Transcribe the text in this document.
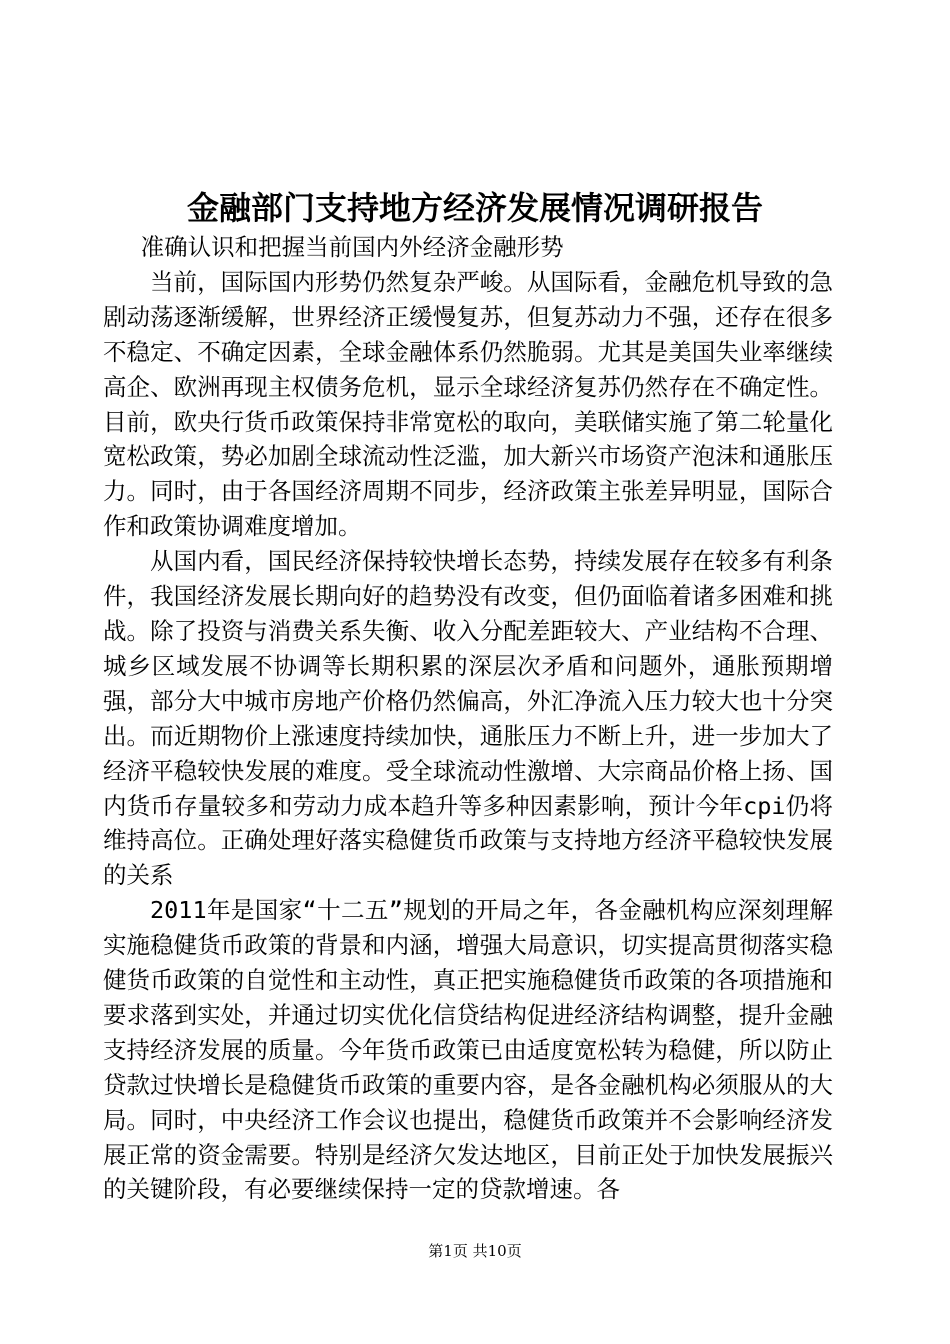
金融部门支持地方经济发展情况调研报告

准确认识和把握当前国内外经济金融形势

当前，国际国内形势仍然复杂严峻。从国际看，金融危机导致的急剧动荡逐渐缓解，世界经济正缓慢复苏，但复苏动力不强，还存在很多不稳定、不确定因素，全球金融体系仍然脆弱。尤其是美国失业率继续高企、欧洲再现主权债务危机，显示全球经济复苏仍然存在不确定性。目前，欧央行货币政策保持非常宽松的取向，美联储实施了第二轮量化宽松政策，势必加剧全球流动性泛滥，加大新兴市场资产泡沫和通胀压力。同时，由于各国经济周期不同步，经济政策主张差异明显，国际合作和政策协调难度增加。

从国内看，国民经济保持较快增长态势，持续发展存在较多有利条件，我国经济发展长期向好的趋势没有改变，但仍面临着诸多困难和挑战。除了投资与消费关系失衡、收入分配差距较大、产业结构不合理、城乡区域发展不协调等长期积累的深层次矛盾和问题外，通胀预期增强，部分大中城市房地产价格仍然偏高，外汇净流入压力较大也十分突出。而近期物价上涨速度持续加快，通胀压力不断上升，进一步加大了经济平稳较快发展的难度。受全球流动性激增、大宗商品价格上扬、国内货币存量较多和劳动力成本趋升等多种因素影响，预计今年cpi仍将维持高位。正确处理好落实稳健货币政策与支持地方经济平稳较快发展的关系

2011年是国家“十二五”规划的开局之年，各金融机构应深刻理解实施稳健货币政策的背景和内涵，增强大局意识，切实提高贯彻落实稳健货币政策的自觉性和主动性，真正把实施稳健货币政策的各项措施和要求落到实处，并通过切实优化信贷结构促进经济结构调整，提升金融支持经济发展的质量。今年货币政策已由适度宽松转为稳健，所以防止贷款过快增长是稳健货币政策的重要内容，是各金融机构必须服从的大局。同时，中央经济工作会议也提出，稳健货币政策并不会影响经济发展正常的资金需要。特别是经济欠发达地区，目前正处于加快发展振兴的关键阶段，有必要继续保持一定的贷款增速。各

第1页 共10页
